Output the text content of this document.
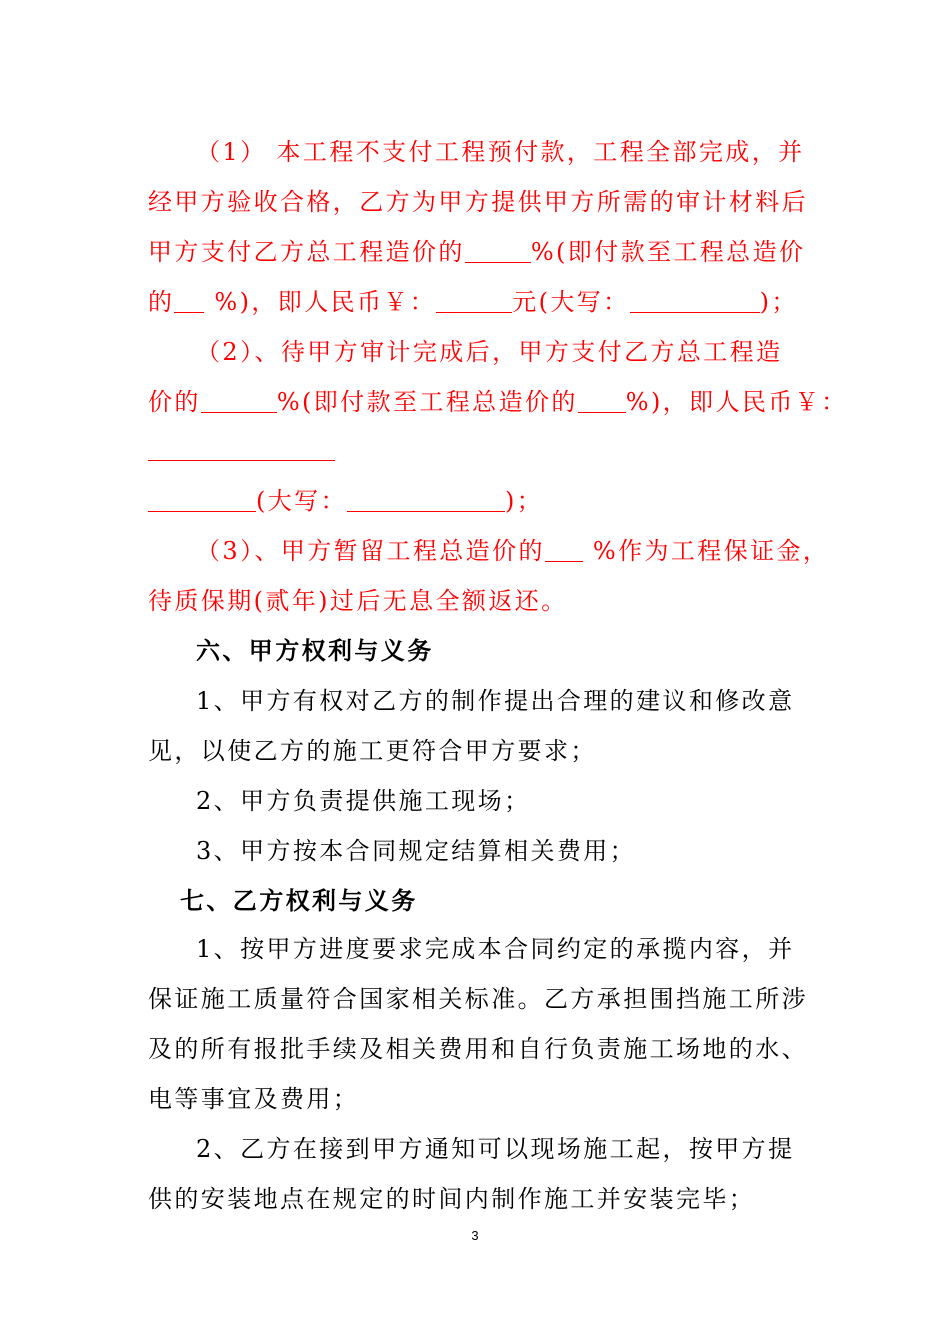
（1） 本工程不支付工程预付款，工程全部完成，并
经甲方验收合格，乙方为甲方提供甲方所需的审计材料后
甲方支付乙方总工程造价的	%(即付款至工程总造价
的 %)，即人民币￥：	元(大写：	)；
（2）、待甲方审计完成后，甲方支付乙方总工程造
价的	%(即付款至工程总造价的 %)，即人民币￥：
(大写：	)；
（3）、甲方暂留工程总造价的 %作为工程保证金，
待质保期(贰年)过后无息全额返还。
六、甲方权利与义务
1、甲方有权对乙方的制作提出合理的建议和修改意
见，以使乙方的施工更符合甲方要求；
2、甲方负责提供施工现场；
3、甲方按本合同规定结算相关费用；
七、乙方权利与义务
1、按甲方进度要求完成本合同约定的承揽内容，并
保证施工质量符合国家相关标准。乙方承担围挡施工所涉
及的所有报批手续及相关费用和自行负责施工场地的水、
电等事宜及费用；
2、乙方在接到甲方通知可以现场施工起，按甲方提
供的安装地点在规定的时间内制作施工并安装完毕；
3
